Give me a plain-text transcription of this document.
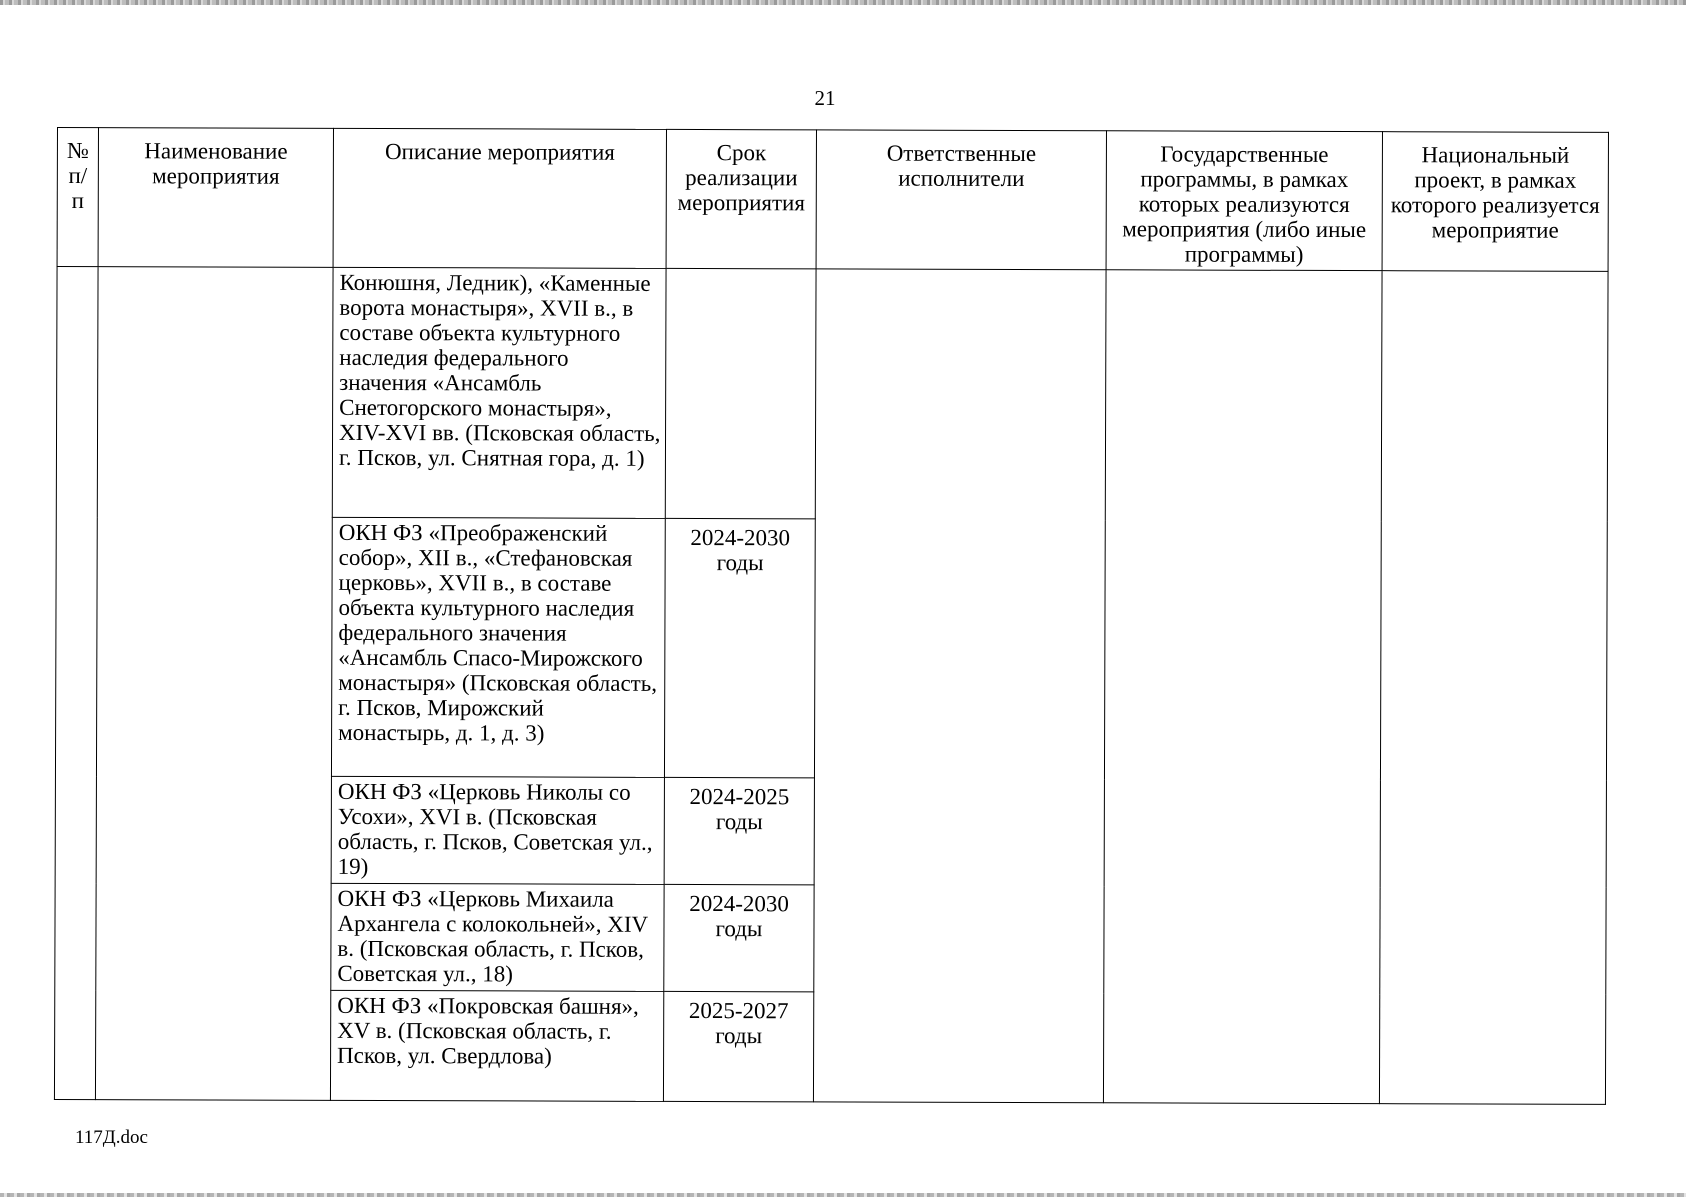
21
№ п/п	Наименование мероприятия	Описание мероприятия	Срок реализации мероприятия	Ответственные исполнители	Государственные программы, в рамках которых реализуются мероприятия (либо иные программы)	Национальный проект, в рамках которого реализуется мероприятие
		Конюшня, Ледник), «Каменные ворота монастыря», XVII в., в составе объекта культурного наследия федерального значения «Ансамбль Снетогорского монастыря», XIV-XVI вв. (Псковская область, г. Псков, ул. Снятная гора, д. 1)				
		ОКН ФЗ «Преображенский собор», XII в., «Стефановская церковь», XVII в., в составе объекта культурного наследия федерального значения «Ансамбль Спасо-Мирожского монастыря» (Псковская область, г. Псков, Мирожский монастырь, д. 1, д. 3)	2024-2030 годы			
		ОКН ФЗ «Церковь Николы со Усохи», XVI в. (Псковская область, г. Псков, Советская ул., 19)	2024-2025 годы			
		ОКН ФЗ «Церковь Михаила Архангела с колокольней», XIV в. (Псковская область, г. Псков, Советская ул., 18)	2024-2030 годы			
		ОКН ФЗ «Покровская башня», XV в. (Псковская область, г. Псков, ул. Свердлова)	2025-2027 годы			
117Д.doc
